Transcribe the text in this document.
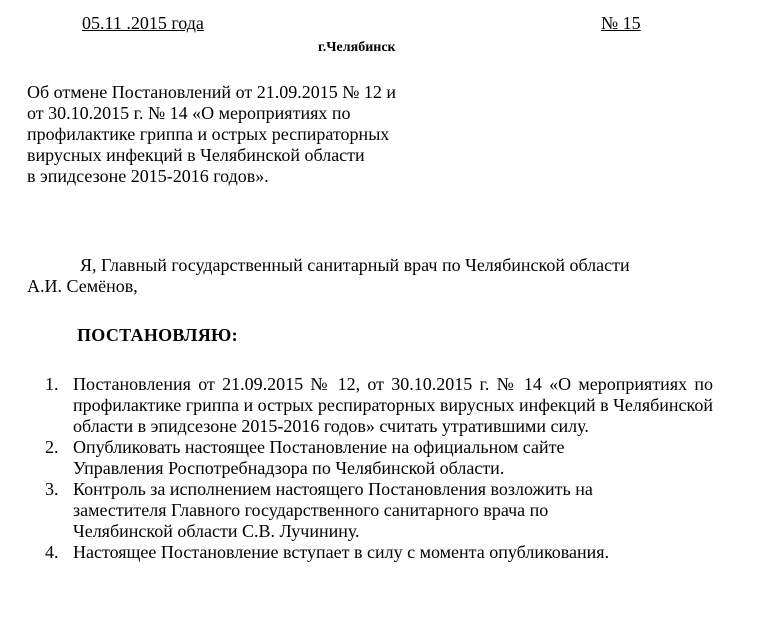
05.11 .2015 года	№ 15
г.Челябинск
Об отмене Постановлений от 21.09.2015 № 12 и
от 30.10.2015 г. № 14 «О мероприятиях по
профилактике гриппа и острых респираторных
вирусных инфекций в Челябинской области
в эпидсезоне 2015-2016 годов».
Я, Главный государственный санитарный врач по Челябинской области
А.И. Семёнов,
ПОСТАНОВЛЯЮ:
1. Постановления от 21.09.2015 № 12, от 30.10.2015 г. № 14 «О мероприятиях по профилактике гриппа и острых респираторных вирусных инфекций в Челябинской области в эпидсезоне 2015-2016 годов» считать утратившими силу.
2. Опубликовать настоящее Постановление на официальном сайте
Управления Роспотребнадзора по Челябинской области.
3. Контроль за исполнением настоящего Постановления возложить на
заместителя Главного государственного санитарного врача по
Челябинской области С.В. Лучинину.
4. Настоящее Постановление вступает в силу с момента опубликования.
